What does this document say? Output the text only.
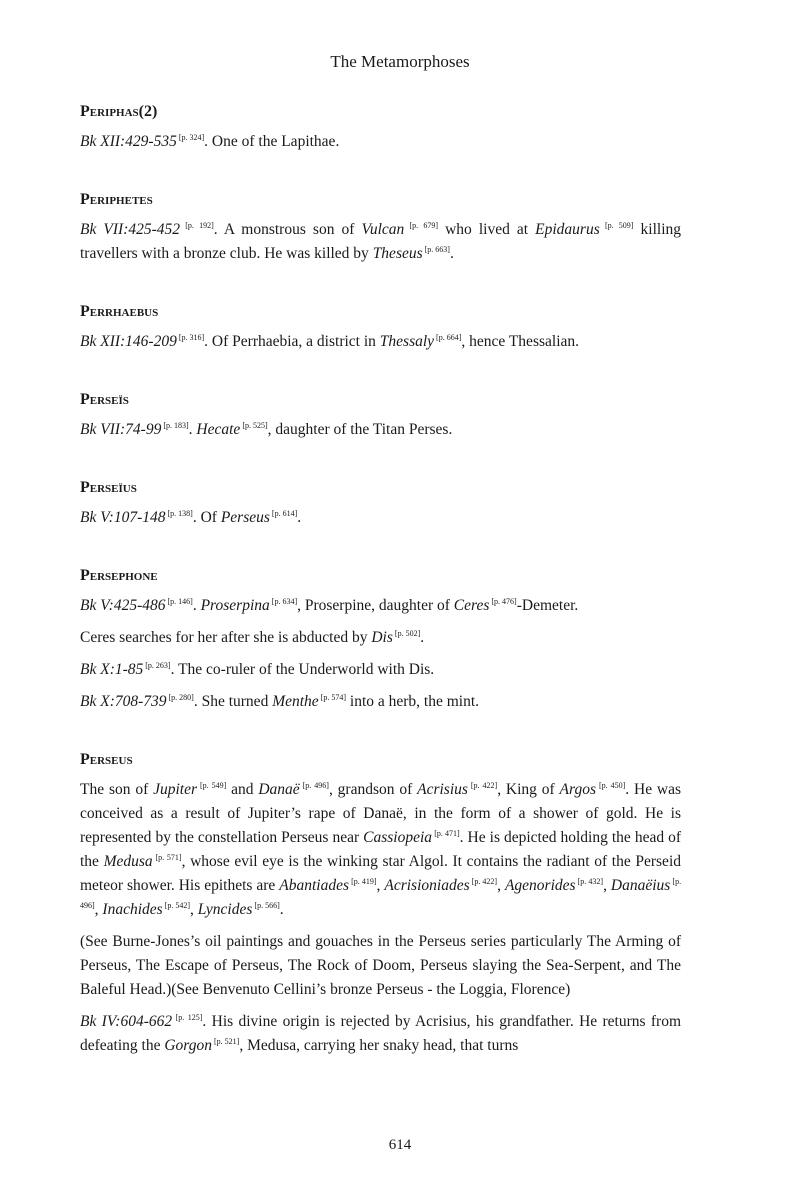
The Metamorphoses
Periphas(2)

Bk XII:429-535 [p. 324]. One of the Lapithae.

Periphetes

Bk VII:425-452 [p. 192]. A monstrous son of Vulcan [p. 679] who lived at Epidaurus [p. 509] killing travellers with a bronze club. He was killed by Theseus [p. 663].

Perrhaebus

Bk XII:146-209 [p. 316]. Of Perrhaebia, a district in Thessaly [p. 664], hence Thessalian.

Perseïs

Bk VII:74-99 [p. 183]. Hecate [p. 525], daughter of the Titan Perses.

Perseïus

Bk V:107-148 [p. 138]. Of Perseus [p. 614].

Persephone

Bk V:425-486 [p. 146]. Proserpina [p. 634], Proserpine, daughter of Ceres [p. 476]-Demeter.

Ceres searches for her after she is abducted by Dis [p. 502].

Bk X:1-85 [p. 263]. The co-ruler of the Underworld with Dis.

Bk X:708-739 [p. 280]. She turned Menthe [p. 574] into a herb, the mint.

Perseus

The son of Jupiter [p. 549] and Danaë [p. 496], grandson of Acrisius [p. 422], King of Argos [p. 450]. He was conceived as a result of Jupiter’s rape of Danaë, in the form of a shower of gold. He is represented by the constellation Perseus near Cassiopeia [p. 471]. He is depicted holding the head of the Medusa [p. 571], whose evil eye is the winking star Algol. It contains the radiant of the Perseid meteor shower. His epithets are Abantiades [p. 419], Acrisioniades [p. 422], Agenorides [p. 432], Danaëius [p. 496], Inachides [p. 542], Lyncides [p. 566].

(See Burne-Jones’s oil paintings and gouaches in the Perseus series particularly The Arming of Perseus, The Escape of Perseus, The Rock of Doom, Perseus slaying the Sea-Serpent, and The Baleful Head.)(See Benvenuto Cellini’s bronze Perseus - the Loggia, Florence)

Bk IV:604-662 [p. 125]. His divine origin is rejected by Acrisius, his grandfather. He returns from defeating the Gorgon [p. 521], Medusa, carrying her snaky head, that turns

614
